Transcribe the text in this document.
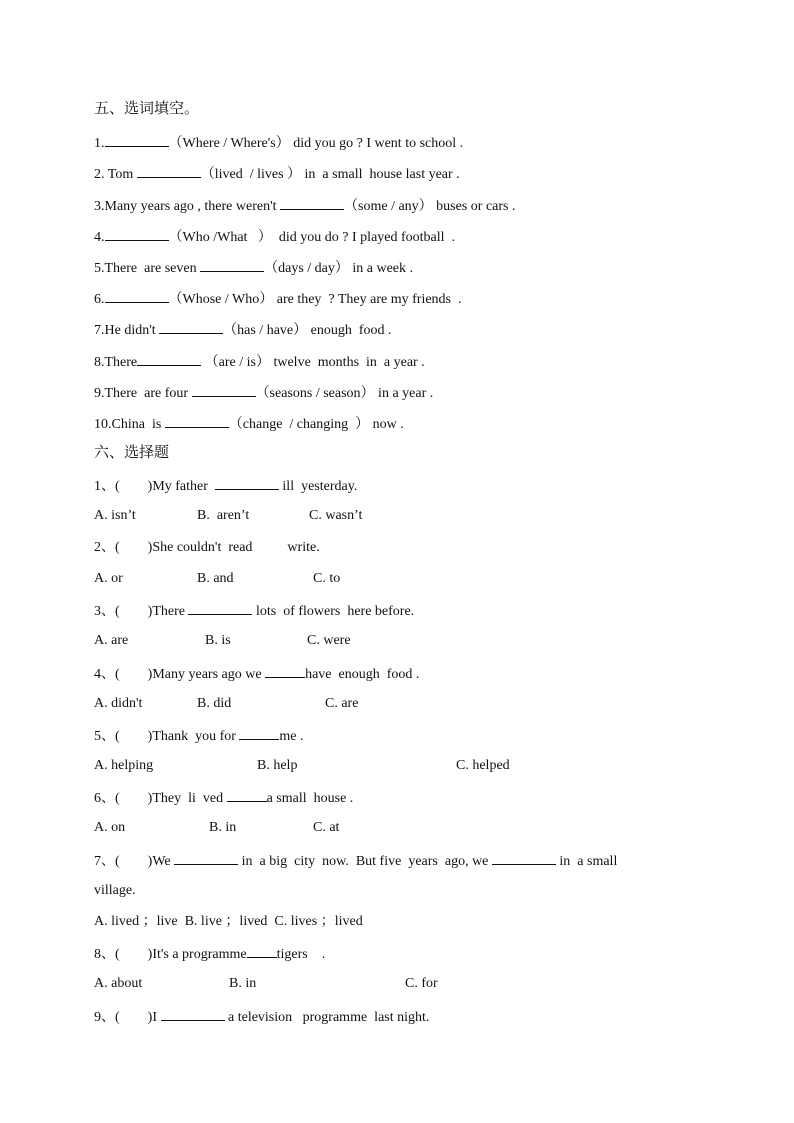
五、选词填空。
1.	（Where / Where's） did you go ? I went to school .
2. Tom	（lived  / lives ） in  a small  house last year .
3.Many years ago , there weren't	（some / any） buses or cars .
4.	（Who /What   ）  did you do ? I played football  .
5.There  are seven	（days / day） in a week .
6.	（Whose / Who） are they  ? They are my friends  .
7.He didn't	（has / have） enough  food .
8.There	（are / is） twelve  months  in  a year .
9.There  are four	（seasons / season） in a year .
10.China  is	（change  / changing  ） now .
六、选择题
1、(        )My father	ill  yesterday.

A. isn’t

	B.  aren’t

	C. wasn’t

2、(        )She couldn't  read          write.

A. or

	B. and

	C. to

3、(        )There	lots  of flowers  here before.

A. are

	B. is

	C. were

4、(        )Many years ago we	have  enough  food .

A. didn't

	B. did

	C. are

5、(        )Thank  you for	me .

A. helping

	B. help

	C. helped

6、(        )They  li  ved	a small  house .

A. on

	B. in

	C. at

7、(        )We	in  a big  city  now.  But five  years  ago, we	in  a small
village.
A. lived ；live  B. live ；lived  C. lives ；lived
8、(        )It's a programme tigers    .

A. about

	B. in

	C. for

9、(        )I	a television   programme  last night.
